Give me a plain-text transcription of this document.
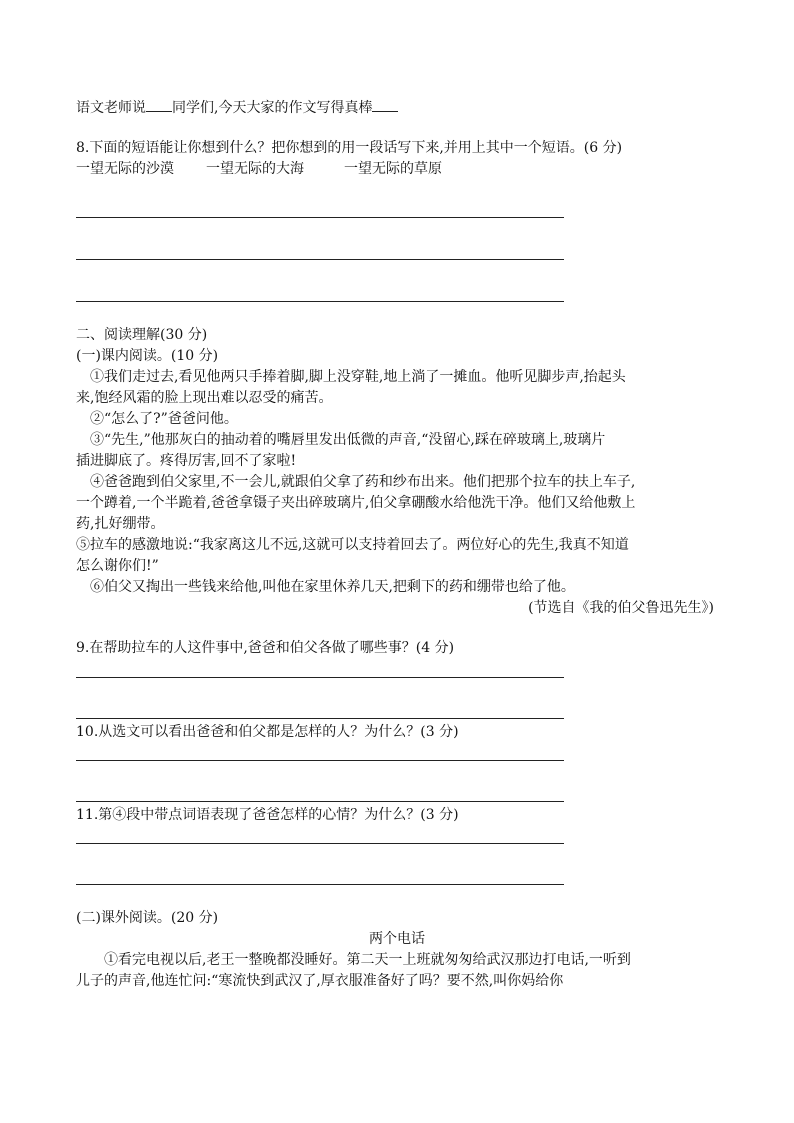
语文老师说 同学们,今天大家的作文写得真棒
8.下面的短语能让你想到什么？把你想到的用一段话写下来,并用上其中一个短语。(6 分)
一望无际的沙漠 一望无际的大海	一望无际的草原
二、阅读理解(30 分)
(一)课内阅读。(10 分)
①我们走过去,看见他两只手捧着脚,脚上没穿鞋,地上淌了一摊血。他听见脚步声,抬起头
来,饱经风霜的脸上现出难以忍受的痛苦。
②“怎么了?”爸爸问他。
③“先生,”他那灰白的抽动着的嘴唇里发出低微的声音,“没留心,踩在碎玻璃上,玻璃片
插进脚底了。疼得厉害,回不了家啦!
④爸爸跑到伯父家里,不一会儿,就跟伯父拿了药和纱布出来。他们把那个拉车的扶上车子,
一个蹲着,一个半跪着,爸爸拿镊子夹出碎玻璃片,伯父拿硼酸水给他洗干净。他们又给他敷上
药,扎好绷带。
⑤拉车的感激地说:“我家离这儿不远,这就可以支持着回去了。两位好心的先生,我真不知道
怎么谢你们!”
⑥伯父又掏出一些钱来给他,叫他在家里休养几天,把剩下的药和绷带也给了他。
(节选自《我的伯父鲁迅先生》)
9.在帮助拉车的人这件事中,爸爸和伯父各做了哪些事？(4 分)
10.从选文可以看出爸爸和伯父都是怎样的人？为什么？(3 分)
11.第④段中带点词语表现了爸爸怎样的心情？为什么？(3 分)
(二)课外阅读。(20 分)
两个电话
①看完电视以后,老王一整晚都没睡好。第二天一上班就匆匆给武汉那边打电话,一听到
儿子的声音,他连忙问:“寒流快到武汉了,厚衣服准备好了吗？要不然,叫你妈给你
